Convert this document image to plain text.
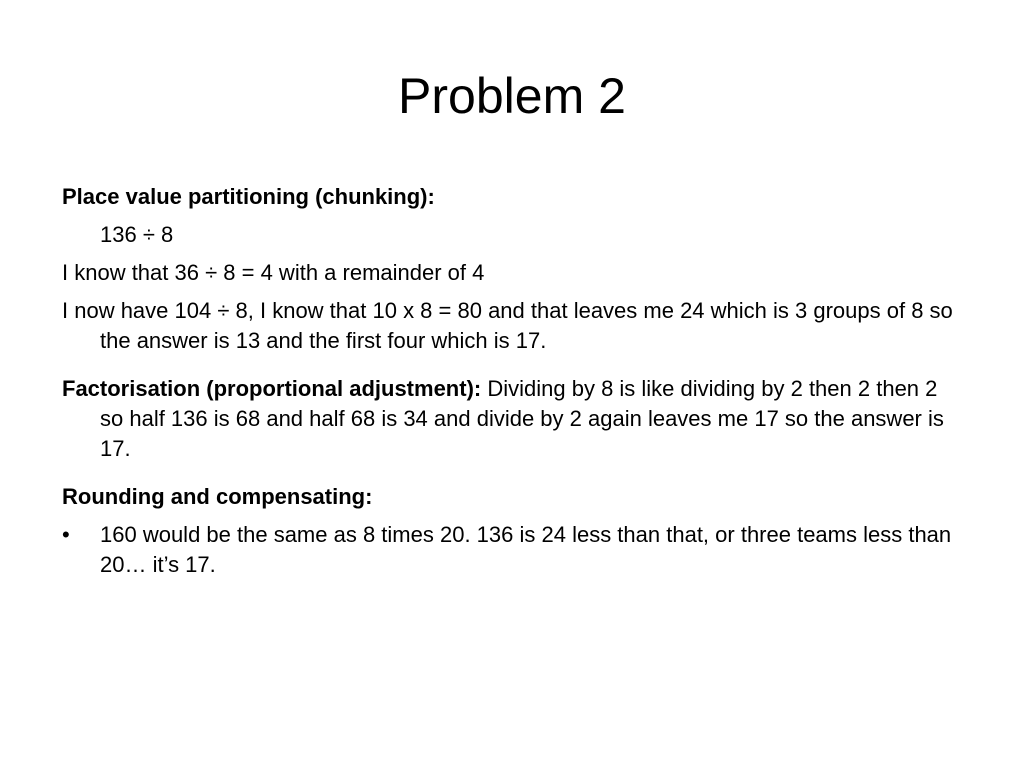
Problem 2

Place value partitioning (chunking):

136 ÷ 8

I know that 36 ÷ 8 = 4 with a remainder of 4

I now have 104 ÷ 8, I know that 10 x 8 = 80 and that leaves me 24 which is 3 groups of 8 so the answer is 13 and the first four which is 17.

Factorisation (proportional adjustment): Dividing by 8 is like dividing by 2 then 2 then 2 so half 136 is 68 and half 68 is 34 and divide by 2 again leaves me 17 so the answer is 17.

Rounding and compensating:

• 160 would be the same as 8 times 20. 136 is 24 less than that, or three teams less than 20… it’s 17.
